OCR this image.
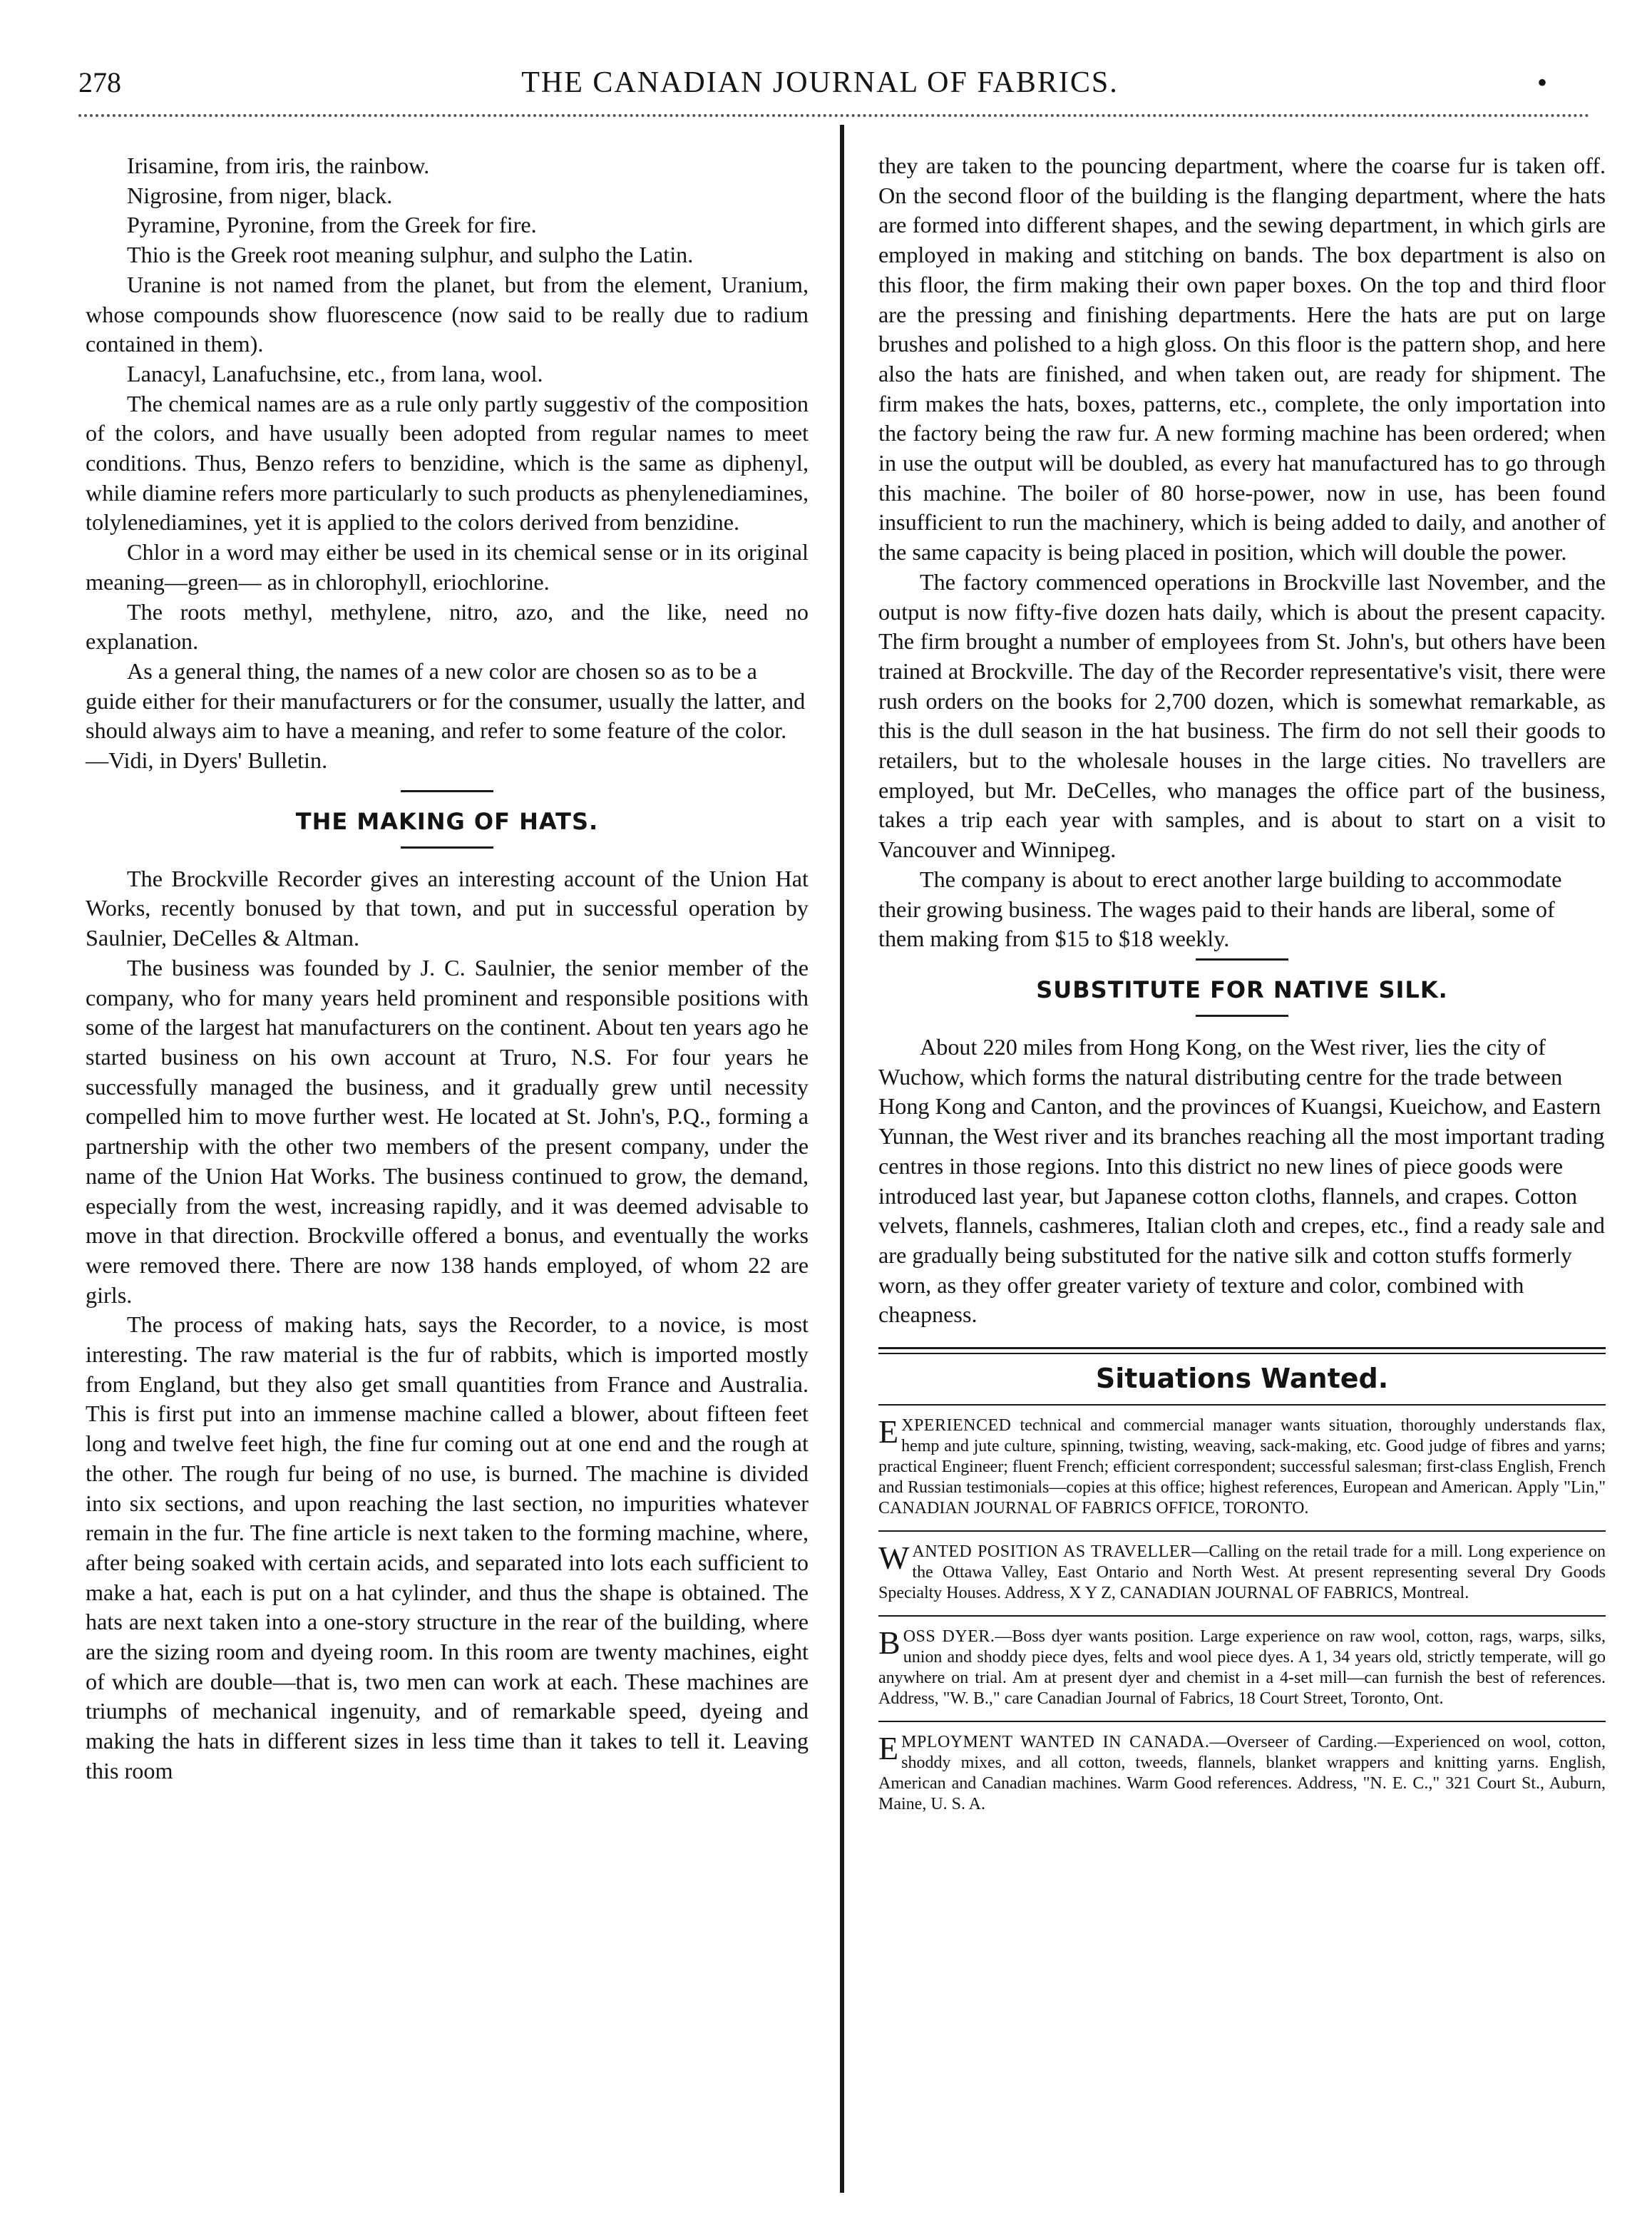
278	THE CANADIAN JOURNAL OF FABRICS.	•

Irisamine, from iris, the rainbow.

Nigrosine, from niger, black.

Pyramine, Pyronine, from the Greek for fire.

Thio is the Greek root meaning sulphur, and sulpho the Latin.

Uranine is not named from the planet, but from the element, Uranium, whose compounds show fluorescence (now said to be really due to radium contained in them).

Lanacyl, Lanafuchsine, etc., from lana, wool.

The chemical names are as a rule only partly suggestiv of the composition of the colors, and have usually been adopted from regular names to meet conditions. Thus, Benzo refers to benzidine, which is the same as diphenyl, while diamine refers more particularly to such products as phenylenediamines, tolylenediamines, yet it is applied to the colors derived from benzidine.

Chlor in a word may either be used in its chemical sense or in its original meaning—green— as in chlorophyll, eriochlorine.

The roots methyl, methylene, nitro, azo, and the like, need no explanation.

As a general thing, the names of a new color are chosen so as to be a guide either for their manufacturers or for the consumer, usually the latter, and should always aim to have a meaning, and refer to some feature of the color.—Vidi, in Dyers' Bulletin.

THE MAKING OF HATS.

The Brockville Recorder gives an interesting account of the Union Hat Works, recently bonused by that town, and put in successful operation by Saulnier, DeCelles & Altman.

The business was founded by J. C. Saulnier, the senior member of the company, who for many years held prominent and responsible positions with some of the largest hat manufacturers on the continent. About ten years ago he started business on his own account at Truro, N.S. For four years he successfully managed the business, and it gradually grew until necessity compelled him to move further west. He located at St. John's, P.Q., forming a partnership with the other two members of the present company, under the name of the Union Hat Works. The business continued to grow, the demand, especially from the west, increasing rapidly, and it was deemed advisable to move in that direction. Brockville offered a bonus, and eventually the works were removed there. There are now 138 hands employed, of whom 22 are girls.

The process of making hats, says the Recorder, to a novice, is most interesting. The raw material is the fur of rabbits, which is imported mostly from England, but they also get small quantities from France and Australia. This is first put into an immense machine called a blower, about fifteen feet long and twelve feet high, the fine fur coming out at one end and the rough at the other. The rough fur being of no use, is burned. The machine is divided into six sections, and upon reaching the last section, no impurities whatever remain in the fur. The fine article is next taken to the forming machine, where, after being soaked with certain acids, and separated into lots each sufficient to make a hat, each is put on a hat cylinder, and thus the shape is obtained. The hats are next taken into a one-story structure in the rear of the building, where are the sizing room and dyeing room. In this room are twenty machines, eight of which are double—that is, two men can work at each. These machines are triumphs of mechanical ingenuity, and of remarkable speed, dyeing and making the hats in different sizes in less time than it takes to tell it. Leaving this room

they are taken to the pouncing department, where the coarse fur is taken off. On the second floor of the building is the flanging department, where the hats are formed into different shapes, and the sewing department, in which girls are employed in making and stitching on bands. The box department is also on this floor, the firm making their own paper boxes. On the top and third floor are the pressing and finishing departments. Here the hats are put on large brushes and polished to a high gloss. On this floor is the pattern shop, and here also the hats are finished, and when taken out, are ready for shipment. The firm makes the hats, boxes, patterns, etc., complete, the only importation into the factory being the raw fur. A new forming machine has been ordered; when in use the output will be doubled, as every hat manufactured has to go through this machine. The boiler of 80 horse-power, now in use, has been found insufficient to run the machinery, which is being added to daily, and another of the same capacity is being placed in position, which will double the power.

The factory commenced operations in Brockville last November, and the output is now fifty-five dozen hats daily, which is about the present capacity. The firm brought a number of employees from St. John's, but others have been trained at Brockville. The day of the Recorder representative's visit, there were rush orders on the books for 2,700 dozen, which is somewhat remarkable, as this is the dull season in the hat business. The firm do not sell their goods to retailers, but to the wholesale houses in the large cities. No travellers are employed, but Mr. DeCelles, who manages the office part of the business, takes a trip each year with samples, and is about to start on a visit to Vancouver and Winnipeg.

The company is about to erect another large building to accommodate their growing business. The wages paid to their hands are liberal, some of them making from $15 to $18 weekly.

SUBSTITUTE FOR NATIVE SILK.

About 220 miles from Hong Kong, on the West river, lies the city of Wuchow, which forms the natural distributing centre for the trade between Hong Kong and Canton, and the provinces of Kuangsi, Kueichow, and Eastern Yunnan, the West river and its branches reaching all the most important trading centres in those regions. Into this district no new lines of piece goods were introduced last year, but Japanese cotton cloths, flannels, and crapes. Cotton velvets, flannels, cashmeres, Italian cloth and crepes, etc., find a ready sale and are gradually being substituted for the native silk and cotton stuffs formerly worn, as they offer greater variety of texture and color, combined with cheapness.

Situations Wanted.

EXPERIENCED technical and commercial manager wants situation, thoroughly understands flax, hemp and jute culture, spinning, twisting, weaving, sack-making, etc. Good judge of fibres and yarns; practical Engineer; fluent French; efficient correspondent; successful salesman; first-class English, French and Russian testimonials—copies at this office; highest references, European and American. Apply "Lin," CANADIAN JOURNAL OF FABRICS OFFICE, TORONTO.

WANTED POSITION AS TRAVELLER—Calling on the retail trade for a mill. Long experience on the Ottawa Valley, East Ontario and North West. At present representing several Dry Goods Specialty Houses. Address, X Y Z, CANADIAN JOURNAL OF FABRICS, Montreal.

BOSS DYER.—Boss dyer wants position. Large experience on raw wool, cotton, rags, warps, silks, union and shoddy piece dyes, felts and wool piece dyes. A 1, 34 years old, strictly temperate, will go anywhere on trial. Am at present dyer and chemist in a 4-set mill—can furnish the best of references. Address, "W. B.," care Canadian Journal of Fabrics, 18 Court Street, Toronto, Ont.

EMPLOYMENT WANTED IN CANADA.—Overseer of Carding.—Experienced on wool, cotton, shoddy mixes, and all cotton, tweeds, flannels, blanket wrappers and knitting yarns. English, American and Canadian machines. Warm Good references. Address, "N. E. C.," 321 Court St., Auburn, Maine, U. S. A.
